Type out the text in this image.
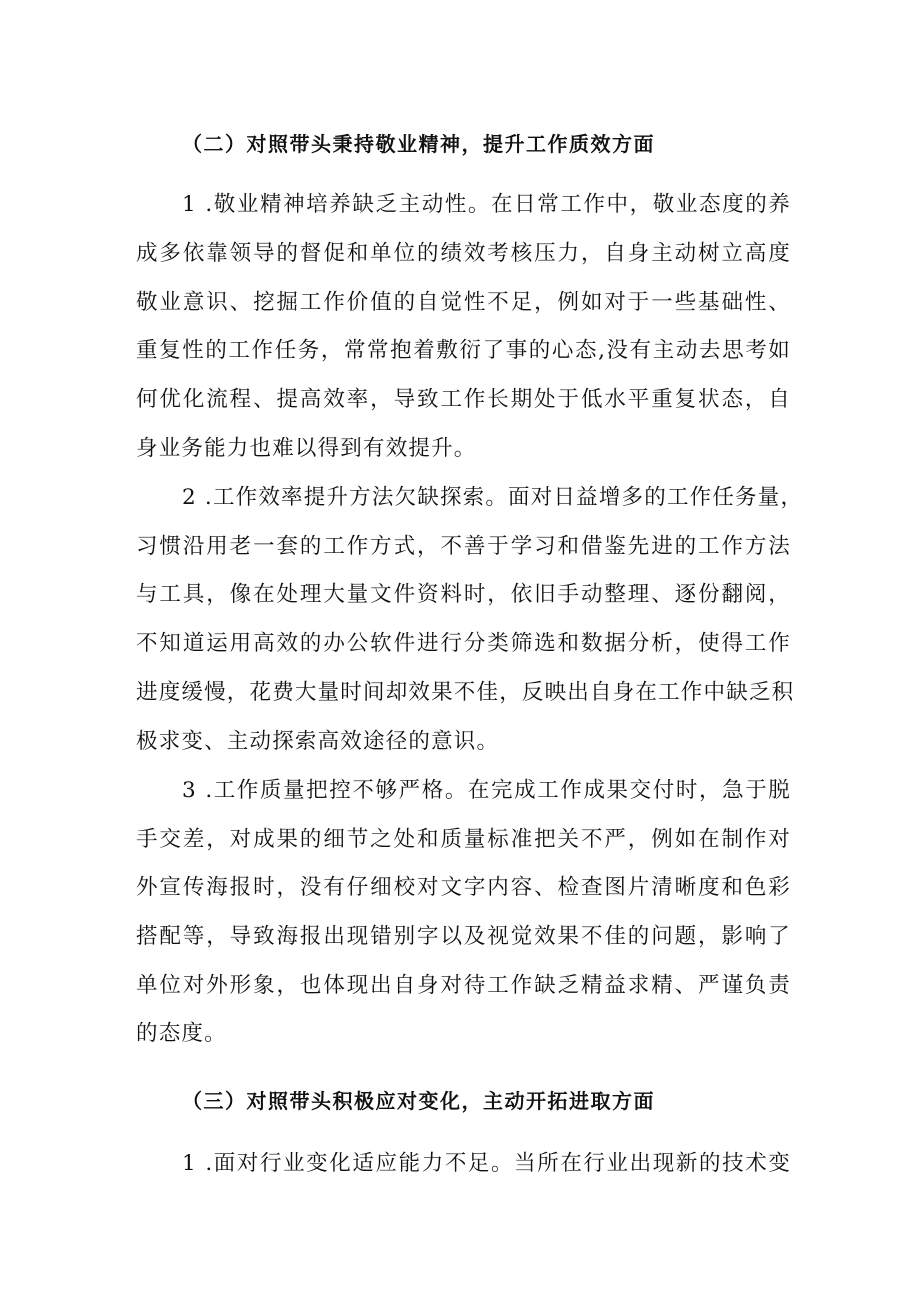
（二）对照带头秉持敬业精神，提升工作质效方面
1 .敬业精神培养缺乏主动性。在日常工作中，敬业态度的养
成多依靠领导的督促和单位的绩效考核压力，自身主动树立高度
敬业意识、挖掘工作价值的自觉性不足，例如对于一些基础性、
重复性的工作任务，常常抱着敷衍了事的心态,没有主动去思考如
何优化流程、提高效率，导致工作长期处于低水平重复状态，自
身业务能力也难以得到有效提升。
2 .工作效率提升方法欠缺探索。面对日益增多的工作任务量，
习惯沿用老一套的工作方式，不善于学习和借鉴先进的工作方法
与工具，像在处理大量文件资料时，依旧手动整理、逐份翻阅，
不知道运用高效的办公软件进行分类筛选和数据分析，使得工作
进度缓慢，花费大量时间却效果不佳，反映出自身在工作中缺乏积
极求变、主动探索高效途径的意识。
3 .工作质量把控不够严格。在完成工作成果交付时，急于脱
手交差，对成果的细节之处和质量标准把关不严，例如在制作对
外宣传海报时，没有仔细校对文字内容、检查图片清晰度和色彩
搭配等，导致海报出现错别字以及视觉效果不佳的问题，影响了
单位对外形象，也体现出自身对待工作缺乏精益求精、严谨负责
的态度。
（三）对照带头积极应对变化，主动开拓进取方面
1 .面对行业变化适应能力不足。当所在行业出现新的技术变
